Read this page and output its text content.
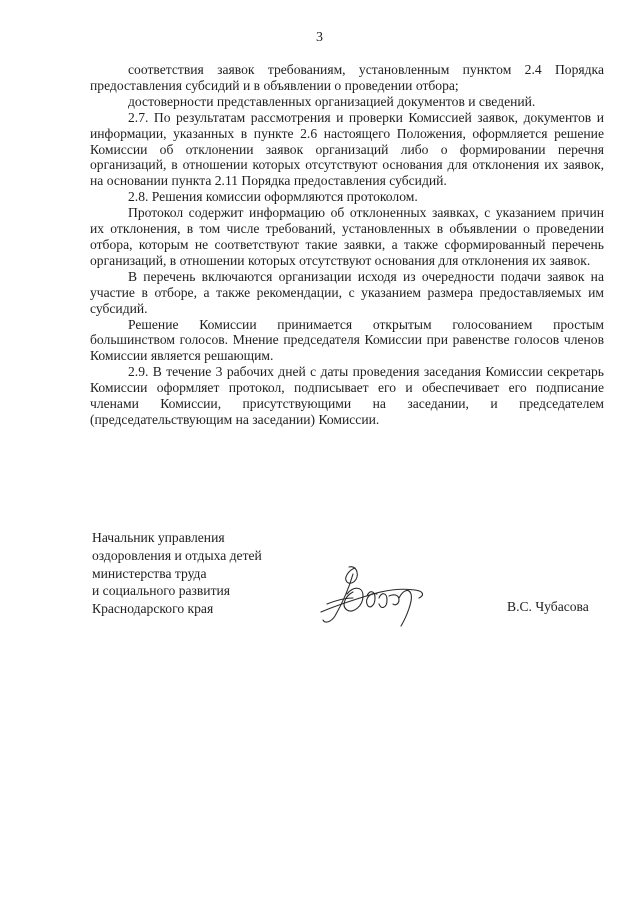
3

соответствия заявок требованиям, установленным пунктом 2.4 Порядка предоставления субсидий и в объявлении о проведении отбора;

достоверности представленных организацией документов и сведений.

2.7. По результатам рассмотрения и проверки Комиссией заявок, документов и информации, указанных в пункте 2.6 настоящего Положения, оформляется решение Комиссии об отклонении заявок организаций либо о формировании перечня организаций, в отношении которых отсутствуют основания для отклонения их заявок, на основании пункта 2.11 Порядка предоставления субсидий.

2.8. Решения комиссии оформляются протоколом.

Протокол содержит информацию об отклоненных заявках, с указанием причин их отклонения, в том числе требований, установленных в объявлении о проведении отбора, которым не соответствуют такие заявки, а также сформированный перечень организаций, в отношении которых отсутствуют основания для отклонения их заявок.

В перечень включаются организации исходя из очередности подачи заявок на участие в отборе, а также рекомендации, с указанием размера предоставляемых им субсидий.

Решение Комиссии принимается открытым голосованием простым большинством голосов. Мнение председателя Комиссии при равенстве голосов членов Комиссии является решающим.

2.9. В течение 3 рабочих дней с даты проведения заседания Комиссии секретарь Комиссии оформляет протокол, подписывает его и обеспечивает его подписание членами Комиссии, присутствующими на заседании, и председателем (председательствующим на заседании) Комиссии.

Начальник управления
оздоровления и отдыха детей
министерства труда
и социального развития
Краснодарского края	В.С. Чубасова
